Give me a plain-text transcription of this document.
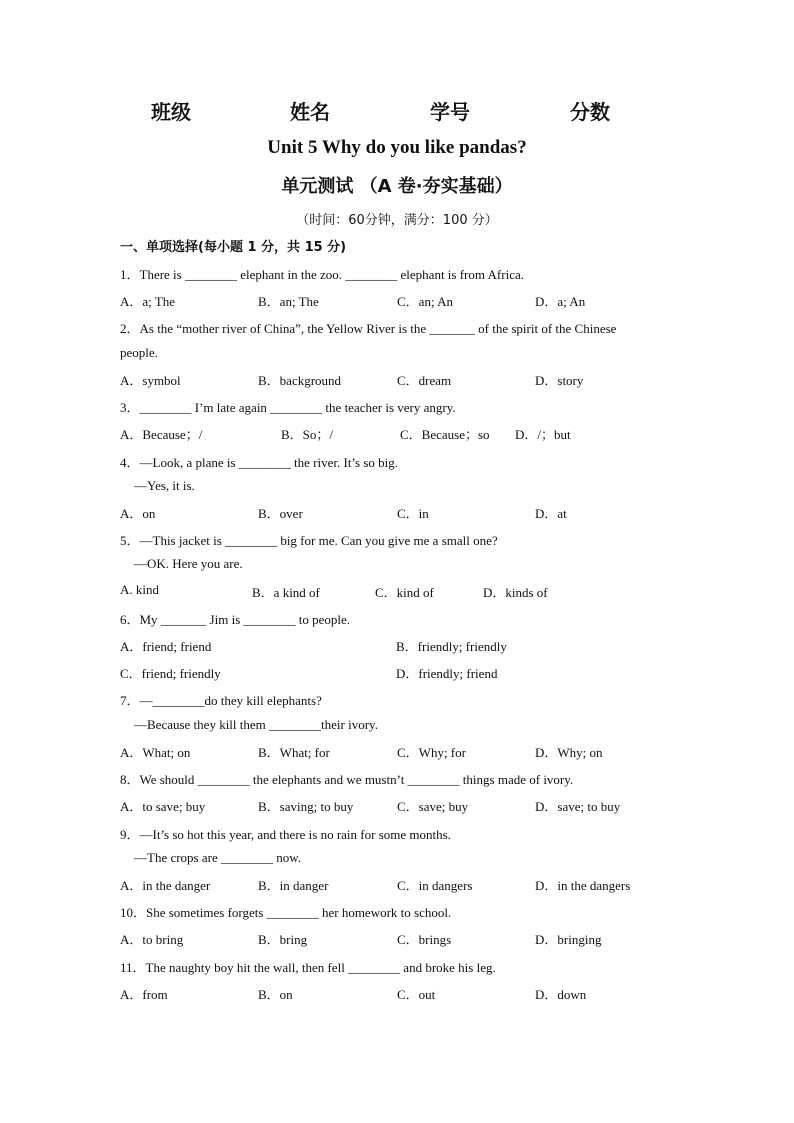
班级	姓名	学号	分数
Unit 5 Why do you like pandas?
单元测试 （A 卷·夯实基础）
（时间：60分钟，满分：100 分）
一、单项选择(每小题 1 分，共 15 分)
1．There is ________ elephant in the zoo. ________ elephant is from Africa.
A．a; The	B．an; The	C．an; An	D．a; An
2．As the “mother river of China”, the Yellow River is the _______ of the spirit of the Chinese
people.
A．symbol	B．background	C．dream	D．story
3．________ I’m late again ________ the teacher is very angry.
A．Because；/	B．So；/	C．Because；so D．/；but
4．—Look, a plane is ________ the river. It’s so big.
—Yes, it is.
A．on	B．over	C．in	D．at
5．—This jacket is ________ big for me. Can you give me a small one?
—OK. Here you are.
A. kind	B．a kind of	C．kind of	D．kinds of
6．My _______ Jim is ________ to people.
A．friend; friend	B．friendly; friendly
C．friend; friendly	D．friendly; friend
7．—________do they kill elephants?
—Because they kill them ________their ivory.
A．What; on	B．What; for	C．Why; for	D．Why; on
8．We should ________ the elephants and we mustn’t ________ things made of ivory.
A．to save; buy	B．saving; to buy	C．save; buy	D．save; to buy
9．—It’s so hot this year, and there is no rain for some months.
—The crops are ________ now.
A．in the danger	B．in danger	C．in dangers	D．in the dangers
10．She sometimes forgets ________ her homework to school.
A．to bring	B．bring	C．brings	D．bringing
11．The naughty boy hit the wall, then fell ________ and broke his leg.
A．from	B．on	C．out	D．down
